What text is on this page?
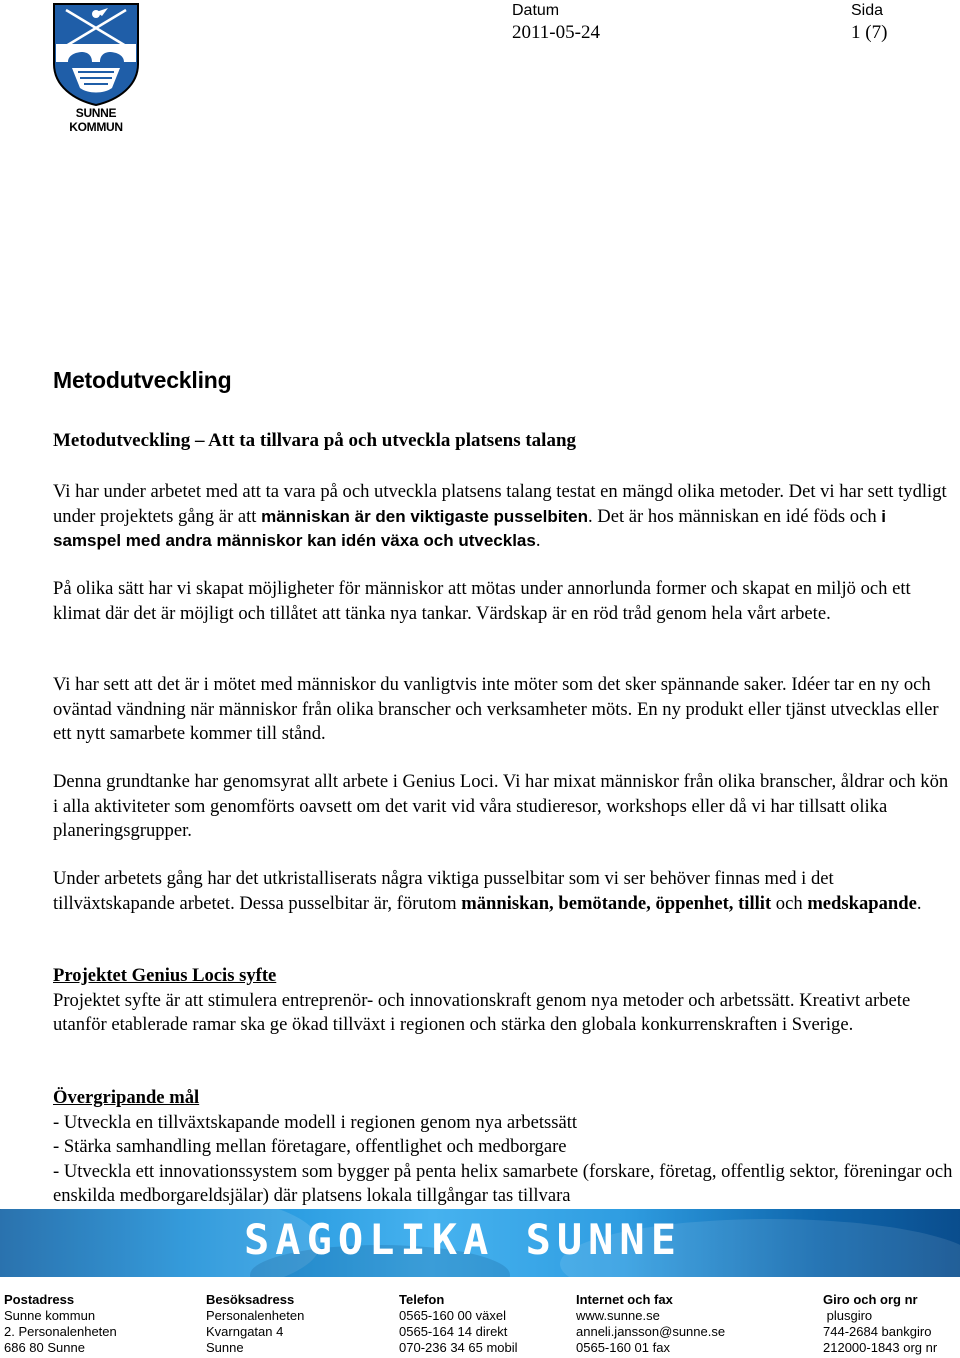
SUNNE KOMMUN
Datum
2011-05-24
Sida
1 (7)
Metodutveckling
Metodutveckling – Att ta tillvara på och utveckla platsens talang

Vi har under arbetet med att ta vara på och utveckla platsens talang testat en mängd olika metoder. Det vi har sett tydligt under projektets gång är att människan är den viktigaste pusselbiten. Det är hos människan en idé föds och i samspel med andra människor kan idén växa och utvecklas.

På olika sätt har vi skapat möjligheter för människor att mötas under annorlunda former och skapat en miljö och ett klimat där det är möjligt och tillåtet att tänka nya tankar. Värdskap är en röd tråd genom hela vårt arbete.

Vi har sett att det är i mötet med människor du vanligtvis inte möter som det sker spännande saker. Idéer tar en ny och oväntad vändning när människor från olika branscher och verksamheter möts. En ny produkt eller tjänst utvecklas eller ett nytt samarbete kommer till stånd.

Denna grundtanke har genomsyrat allt arbete i Genius Loci. Vi har mixat människor från olika branscher, åldrar och kön i alla aktiviteter som genomförts oavsett om det varit vid våra studieresor, workshops eller då vi har tillsatt olika planeringsgrupper.

Under arbetets gång har det utkristalliserats några viktiga pusselbitar som vi ser behöver finnas med i det tillväxtskapande arbetet. Dessa pusselbitar är, förutom människan, bemötande, öppenhet, tillit och medskapande.

Projektet Genius Locis syfte
Projektet syfte är att stimulera entreprenör- och innovationskraft genom nya metoder och arbetssätt. Kreativt arbete utanför etablerade ramar ska ge ökad tillväxt i regionen och stärka den globala konkurrenskraften i Sverige.

Övergripande mål
- Utveckla en tillväxtskapande modell i regionen genom nya arbetssätt
- Stärka samhandling mellan företagare, offentlighet och medborgare
- Utveckla ett innovationssystem som bygger på penta helix samarbete (forskare, företag, offentlig sektor, föreningar och enskilda medborgareldsjälar) där platsens lokala tillgångar tas tillvara

SAGOLIKA SUNNE
Postadress
Sunne kommun
2. Personalenheten
686 80 Sunne
Besöksadress
Personalenheten
Kvarngatan 4
Sunne
Telefon
0565-160 00 växel
0565-164 14 direkt
070-236 34 65 mobil
Internet och fax
www.sunne.se
anneli.jansson@sunne.se
0565-160 01 fax
Giro och org nr
plusgiro
744-2684 bankgiro
212000-1843 org nr
